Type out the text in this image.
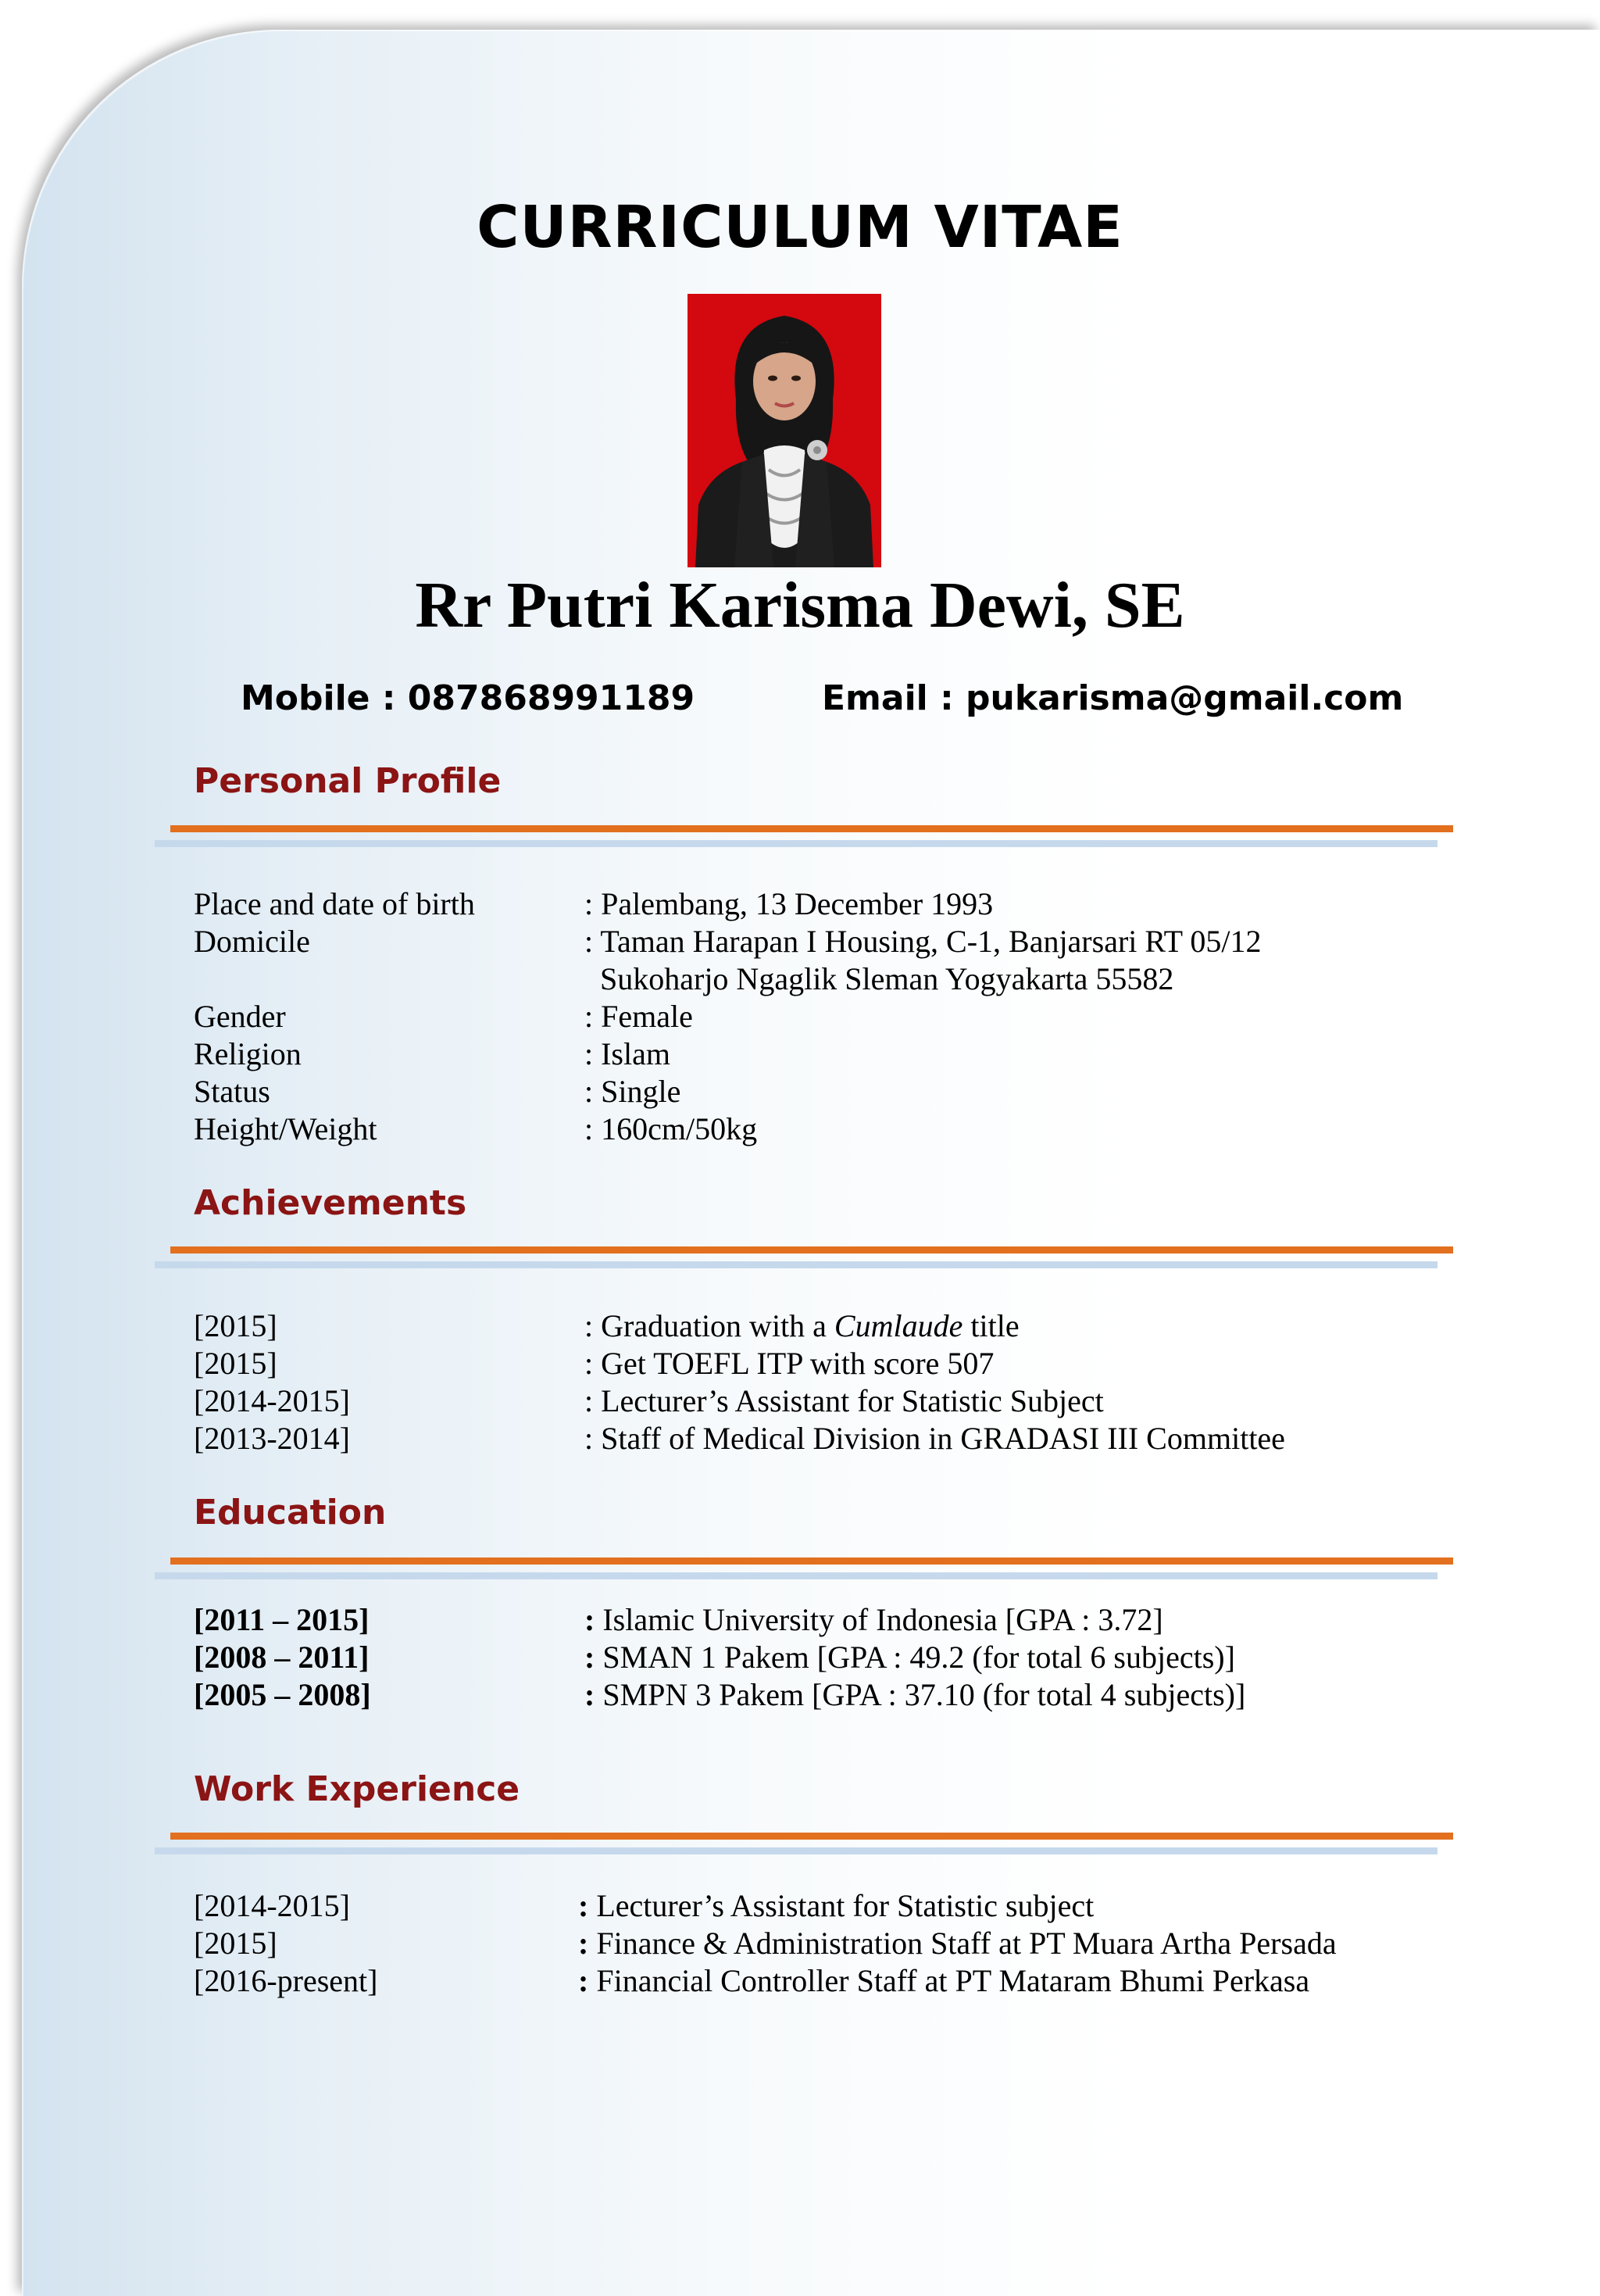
CURRICULUM VITAE
Rr Putri Karisma Dewi, SE
Mobile : 087868991189	Email : pukarisma@gmail.com
Personal Profile
Place and date of birth	: Palembang, 13 December 1993
Domicile	: Taman Harapan I Housing, C-1, Banjarsari RT 05/12
Sukoharjo Ngaglik Sleman Yogyakarta 55582
Gender	: Female
Religion	: Islam
Status	: Single
Height/Weight	: 160cm/50kg
Achievements
[2015]	: Graduation with a Cumlaude title
[2015]	: Get TOEFL ITP with score 507
[2014-2015]	: Lecturer’s Assistant for Statistic Subject
[2013-2014]	: Staff of Medical Division in GRADASI III Committee
Education
[2011 – 2015]	: Islamic University of Indonesia [GPA : 3.72]
[2008 – 2011]	: SMAN 1 Pakem [GPA : 49.2 (for total 6 subjects)]
[2005 – 2008]	: SMPN 3 Pakem [GPA : 37.10 (for total 4 subjects)]
Work Experience
[2014-2015]	: Lecturer’s Assistant for Statistic subject
[2015]	: Finance & Administration Staff at PT Muara Artha Persada
[2016-present]	: Financial Controller Staff at PT Mataram Bhumi Perkasa
